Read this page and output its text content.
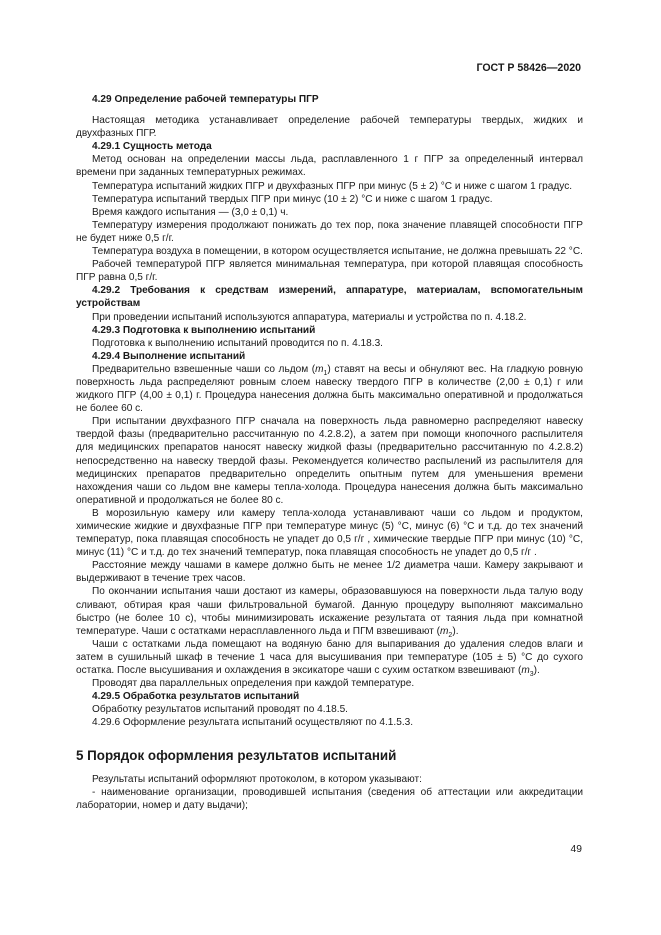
ГОСТ Р 58426—2020

4.29 Определение рабочей температуры ПГР

Настоящая методика устанавливает определение рабочей температуры твердых, жидких и двухфазных ПГР.

4.29.1 Сущность метода

Метод основан на определении массы льда, расплавленного 1 г ПГР за определенный интервал времени при заданных температурных режимах.

Температура испытаний жидких ПГР и двухфазных ПГР при минус (5 ± 2) °С и ниже с шагом 1 градус.

Температура испытаний твердых ПГР при минус (10 ± 2) °С и ниже с шагом 1 градус.

Время каждого испытания — (3,0 ± 0,1) ч.

Температуру измерения продолжают понижать до тех пор, пока значение плавящей способности ПГР не будет ниже 0,5 г/г.

Температура воздуха в помещении, в котором осуществляется испытание, не должна превышать 22 °С.

Рабочей температурой ПГР является минимальная температура, при которой плавящая способность ПГР равна 0,5 г/г.

4.29.2 Требования к средствам измерений, аппаратуре, материалам, вспомогательным устройствам

При проведении испытаний используются аппаратура, материалы и устройства по п. 4.18.2.

4.29.3 Подготовка к выполнению испытаний

Подготовка к выполнению испытаний проводится по п. 4.18.3.

4.29.4 Выполнение испытаний

Предварительно взвешенные чаши со льдом $(m_1)$ ставят на весы и обнуляют вес. На гладкую ровную поверхность льда распределяют ровным слоем навеску твердого ПГР в количестве (2,00 ± 0,1) г или жидкого ПГР (4,00 ± 0,1) г. Процедура нанесения должна быть максимально оперативной и продолжаться не более 60 с.

При испытании двухфазного ПГР сначала на поверхность льда равномерно распределяют навеску твердой фазы (предварительно рассчитанную по 4.2.8.2), а затем при помощи кнопочного распылителя для медицинских препаратов наносят навеску жидкой фазы (предварительно рассчитанную по 4.2.8.2) непосредственно на навеску твердой фазы. Рекомендуется количество распылений из распылителя для медицинских препаратов предварительно определить опытным путем для уменьшения времени нахождения чаши со льдом вне камеры тепла-холода. Процедура нанесения должна быть максимально оперативной и продолжаться не более 80 с.

В морозильную камеру или камеру тепла-холода устанавливают чаши со льдом и продуктом, химические жидкие и двухфазные ПГР при температуре минус (5) °С, минус (6) °С и т.д. до тех значений температур, пока плавящая способность не упадет до 0,5 г/г , химические твердые ПГР при минус (10) °С, минус (11) °С и т.д. до тех значений температур, пока плавящая способность не упадет до 0,5 г/г .

Расстояние между чашами в камере должно быть не менее 1/2 диаметра чаши. Камеру закрывают и выдерживают в течение трех часов.

По окончании испытания чаши достают из камеры, образовавшуюся на поверхности льда талую воду сливают, обтирая края чаши фильтровальной бумагой. Данную процедуру выполняют максимально быстро (не более 10 с), чтобы минимизировать искажение результата от таяния льда при комнатной температуре. Чаши с остатками нерасплавленного льда и ПГМ взвешивают $(m_2)$.

Чаши с остатками льда помещают на водяную баню для выпаривания до удаления следов влаги и затем в сушильный шкаф в течение 1 часа для высушивания при температуре (105 ± 5) °С до сухого остатка. После высушивания и охлаждения в эксикаторе чаши с сухим остатком взвешивают $(m_3)$.

Проводят два параллельных определения при каждой температуре.

4.29.5 Обработка результатов испытаний

Обработку результатов испытаний проводят по 4.18.5.

4.29.6 Оформление результата испытаний осуществляют по 4.1.5.3.

5 Порядок оформления результатов испытаний

Результаты испытаний оформляют протоколом, в котором указывают:

- наименование организации, проводившей испытания (сведения об аттестации или аккредитации лаборатории, номер и дату выдачи);

49
